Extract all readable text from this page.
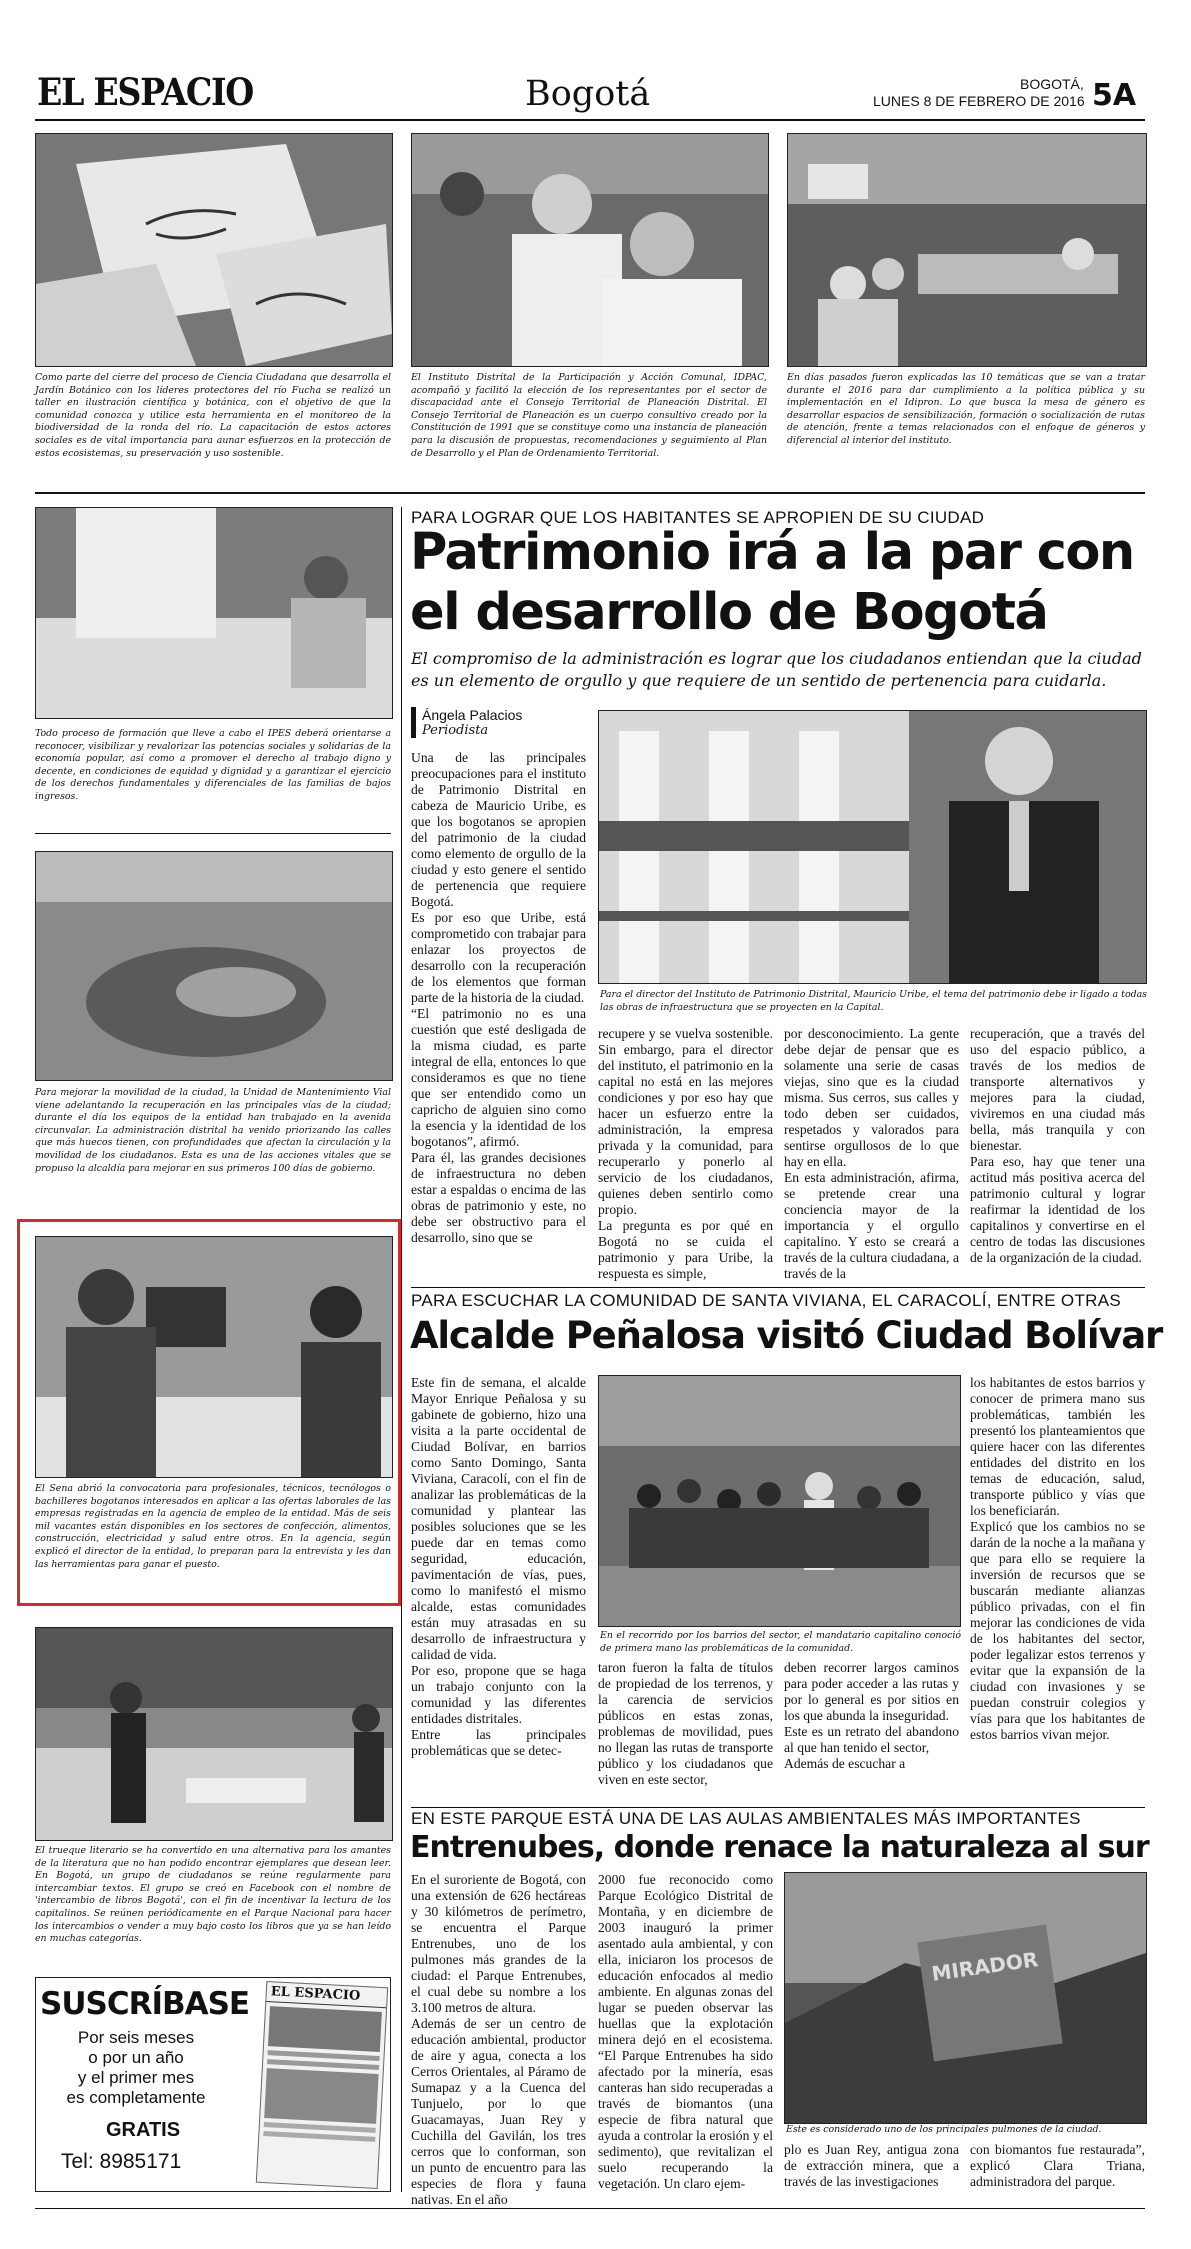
EL ESPACIO	Bogotá	BOGOTÁ,
LUNES 8 DE FEBRERO DE 2016 5A
Como parte del cierre del proceso de Ciencia Ciudadana que desarrolla el Jardín Botánico con los líderes protectores del río Fucha se realizó un taller en ilustración científica y botánica, con el objetivo de que la comunidad conozca y utilice esta herramienta en el monitoreo de la biodiversidad de la ronda del río. La capacitación de estos actores sociales es de vital importancia para aunar esfuerzos en la protección de estos ecosistemas, su preservación y uso sostenible.
El Instituto Distrital de la Participación y Acción Comunal, IDPAC, acompañó y facilitó la elección de los representantes por el sector de discapacidad ante el Consejo Territorial de Planeación Distrital. El Consejo Territorial de Planeación es un cuerpo consultivo creado por la Constitución de 1991 que se constituye como una instancia de planeación para la discusión de propuestas, recomendaciones y seguimiento al Plan de Desarrollo y el Plan de Ordenamiento Territorial.
En días pasados fueron explicadas las 10 temáticas que se van a tratar durante el 2016 para dar cumplimiento a la política pública y su implementación en el Idipron. Lo que busca la mesa de género es desarrollar espacios de sensibilización, formación o socialización de rutas de atención, frente a temas relacionados con el enfoque de géneros y diferencial al interior del instituto.
Todo proceso de formación que lleve a cabo el IPES deberá orientarse a reconocer, visibilizar y revalorizar las potencias sociales y solidarias de la economía popular, así como a promover el derecho al trabajo digno y decente, en condiciones de equidad y dignidad y a garantizar el ejercicio de los derechos fundamentales y diferenciales de las familias de bajos ingresos.
Para mejorar la movilidad de la ciudad, la Unidad de Mantenimiento Vial viene adelantando la recuperación en las principales vías de la ciudad; durante el día los equipos de la entidad han trabajado en la avenida circunvalar. La administración distrital ha venido priorizando las calles que más huecos tienen, con profundidades que afectan la circulación y la movilidad de los ciudadanos. Esta es una de las acciones vitales que se propuso la alcaldía para mejorar en sus primeros 100 días de gobierno.
El Sena abrió la convocatoria para profesionales, técnicos, tecnólogos o bachilleres bogotanos interesados en aplicar a las ofertas laborales de las empresas registradas en la agencia de empleo de la entidad. Más de seis mil vacantes están disponibles en los sectores de confección, alimentos, construcción, electricidad y salud entre otros. En la agencia, según explicó el director de la entidad, lo preparan para la entrevista y les dan las herramientas para ganar el puesto.
El trueque literario se ha convertido en una alternativa para los amantes de la literatura que no han podido encontrar ejemplares que desean leer. En Bogotá, un grupo de ciudadanos se reúne regularmente para intercambiar textos. El grupo se creó en Facebook con el nombre de 'intercambio de libros Bogotá', con el fin de incentivar la lectura de los capitalinos. Se reúnen periódicamente en el Parque Nacional para hacer los intercambios o vender a muy bajo costo los libros que ya se han leído en muchas categorías.
SUSCRÍBASE
Por seis meses
o por un año
y el primer mes
es completamente
GRATIS
Tel: 8985171
EL ESPACIO
PARA LOGRAR QUE LOS HABITANTES SE APROPIEN DE SU CIUDAD
Patrimonio irá a la par con
el desarrollo de Bogotá
El compromiso de la administración es lograr que los ciudadanos entiendan que la ciudad es un elemento de orgullo y que requiere de un sentido de pertenencia para cuidarla.
Ángela Palacios
Periodista

Una de las principales preocupaciones para el instituto de Patrimonio Distrital en cabeza de Mauricio Uribe, es que los bogotanos se apropien del patrimonio de la ciudad como elemento de orgullo de la ciudad y esto genere el sentido de pertenencia que requiere Bogotá.

Es por eso que Uribe, está comprometido con trabajar para enlazar los proyectos de desarrollo con la recuperación de los elementos que forman parte de la historia de la ciudad.

“El patrimonio no es una cuestión que esté desligada de la misma ciudad, es parte integral de ella, entonces lo que consideramos es que no tiene que ser entendido como un capricho de alguien sino como la esencia y la identidad de los bogotanos”, afirmó.

Para él, las grandes decisiones de infraestructura no deben estar a espaldas o encima de las obras de patrimonio y este, no debe ser obstructivo para el desarrollo, sino que se

Para el director del Instituto de Patrimonio Distrital, Mauricio Uribe, el tema del patrimonio debe ir ligado a todas las obras de infraestructura que se proyecten en la Capital.

recupere y se vuelva sostenible. Sin embargo, para el director del instituto, el patrimonio en la capital no está en las mejores condiciones y por eso hay que hacer un esfuerzo entre la administración, la empresa privada y la comunidad, para recuperarlo y ponerlo al servicio de los ciudadanos, quienes deben sentirlo como propio.

La pregunta es por qué en Bogotá no se cuida el patrimonio y para Uribe, la respuesta es simple,

por desconocimiento. La gente debe dejar de pensar que es solamente una serie de casas viejas, sino que es la ciudad misma. Sus cerros, sus calles y todo deben ser cuidados, respetados y valorados para sentirse orgullosos de lo que hay en ella.

En esta administración, afirma, se pretende crear una conciencia mayor de la importancia y el orgullo capitalino. Y esto se creará a través de la cultura ciudadana, a través de la

recuperación, que a través del uso del espacio público, a través de los medios de transporte alternativos y mejores para la ciudad, viviremos en una ciudad más bella, más tranquila y con bienestar.

Para eso, hay que tener una actitud más positiva acerca del patrimonio cultural y lograr reafirmar la identidad de los capitalinos y convertirse en el centro de todas las discusiones de la organización de la ciudad.

PARA ESCUCHAR LA COMUNIDAD DE SANTA VIVIANA, EL CARACOLÍ, ENTRE OTRAS
Alcalde Peñalosa visitó Ciudad Bolívar

Este fin de semana, el alcalde Mayor Enrique Peñalosa y su gabinete de gobierno, hizo una visita a la parte occidental de Ciudad Bolívar, en barrios como Santo Domingo, Santa Viviana, Caracolí, con el fin de analizar las problemáticas de la comunidad y plantear las posibles soluciones que se les puede dar en temas como seguridad, educación, pavimentación de vías, pues, como lo manifestó el mismo alcalde, estas comunidades están muy atrasadas en su desarrollo de infraestructura y calidad de vida.

Por eso, propone que se haga un trabajo conjunto con la comunidad y las diferentes entidades distritales.

Entre las principales problemáticas que se detec-

En el recorrido por los barrios del sector, el mandatario capitalino conoció de primera mano las problemáticas de la comunidad.

taron fueron la falta de títulos de propiedad de los terrenos, y la carencia de servicios públicos en estas zonas, problemas de movilidad, pues no llegan las rutas de transporte público y los ciudadanos que viven en este sector,

deben recorrer largos caminos para poder acceder a las rutas y por lo general es por sitios en los que abunda la inseguridad.

Este es un retrato del abandono al que han tenido el sector,

Además de escuchar a

los habitantes de estos barrios y conocer de primera mano sus problemáticas, también les presentó los planteamientos que quiere hacer con las diferentes entidades del distrito en los temas de educación, salud, transporte público y vías que los beneficiarán.

Explicó que los cambios no se darán de la noche a la mañana y que para ello se requiere la inversión de recursos que se buscarán mediante alianzas público privadas, con el fin mejorar las condiciones de vida de los habitantes del sector, poder legalizar estos terrenos y evitar que la expansión de la ciudad con invasiones y se puedan construir colegios y vías para que los habitantes de estos barrios vivan mejor.

EN ESTE PARQUE ESTÁ UNA DE LAS AULAS AMBIENTALES MÁS IMPORTANTES
Entrenubes, donde renace la naturaleza al sur

En el suroriente de Bogotá, con una extensión de 626 hectáreas y 30 kilómetros de perímetro, se encuentra el Parque Entrenubes, uno de los pulmones más grandes de la ciudad: el Parque Entrenubes, el cual debe su nombre a los 3.100 metros de altura.

Además de ser un centro de educación ambiental, productor de aire y agua, conecta a los Cerros Orientales, al Páramo de Sumapaz y a la Cuenca del Tunjuelo, por lo que Guacamayas, Juan Rey y Cuchilla del Gavilán, los tres cerros que lo conforman, son un punto de encuentro para las especies de flora y fauna nativas. En el año

2000 fue reconocido como Parque Ecológico Distrital de Montaña, y en diciembre de 2003 inauguró la primer asentado aula ambiental, y con ella, iniciaron los procesos de educación enfocados al medio ambiente. En algunas zonas del lugar se pueden observar las huellas que la explotación minera dejó en el ecosistema. “El Parque Entrenubes ha sido afectado por la minería, esas canteras han sido recuperadas a través de biomantos (una especie de fibra natural que ayuda a controlar la erosión y el sedimento), que revitalizan el suelo recuperando la vegetación. Un claro ejem-

MIRADOR
Este es considerado uno de los principales pulmones de la ciudad.

plo es Juan Rey, antigua zona de extracción minera, que a través de las investigaciones

con biomantos fue restaurada”, explicó Clara Triana, administradora del parque.
